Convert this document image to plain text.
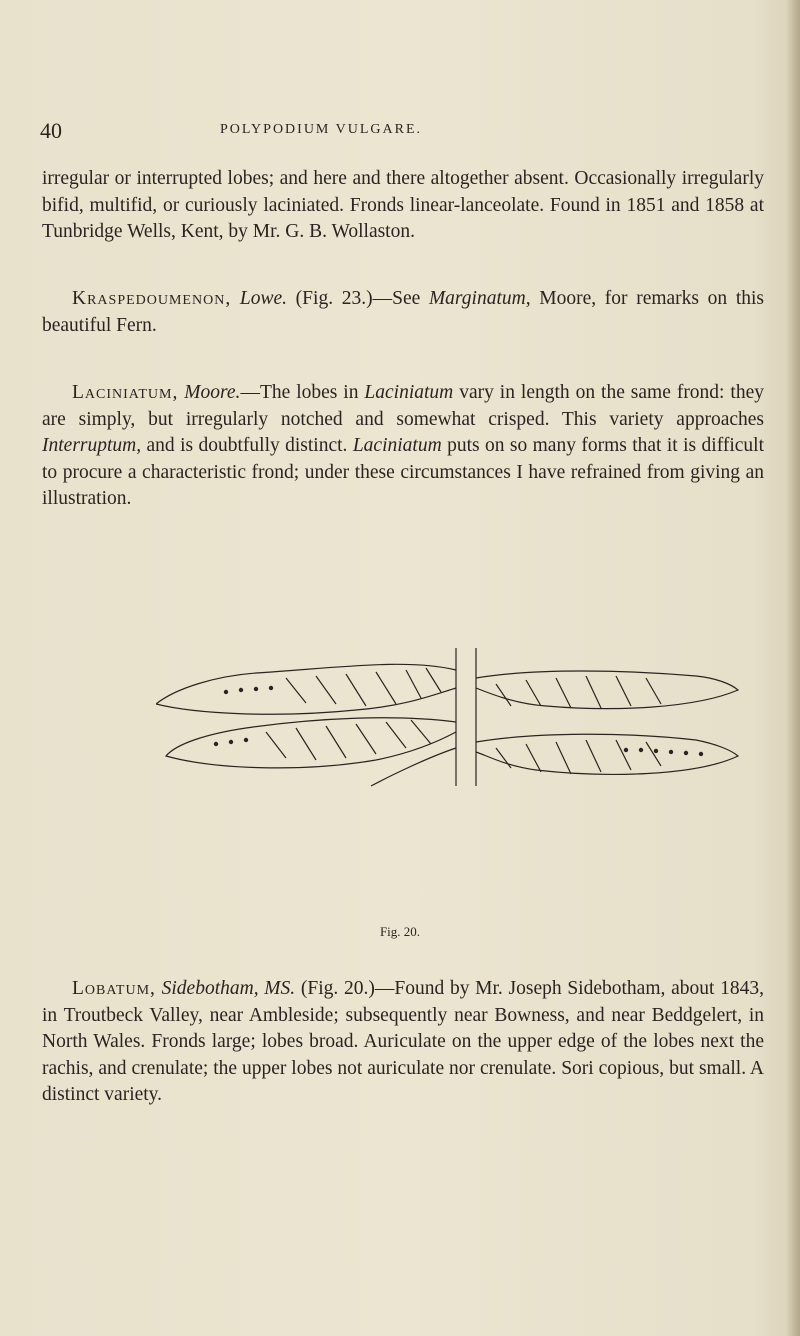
40	POLYPODIUM VULGARE.

irregular or interrupted lobes; and here and there altogether absent. Occasionally irregularly bifid, multifid, or curiously laciniated. Fronds linear-lanceolate. Found in 1851 and 1858 at Tunbridge Wells, Kent, by Mr. G. B. Wollaston.

Kraspedoumenon, Lowe. (Fig. 23.)—See Marginatum, Moore, for remarks on this beautiful Fern.

Laciniatum, Moore.—The lobes in Laciniatum vary in length on the same frond: they are simply, but irregularly notched and somewhat crisped. This variety approaches Interruptum, and is doubtfully distinct. Laciniatum puts on so many forms that it is difficult to procure a characteristic frond; under these circumstances I have refrained from giving an illustration.

Fig. 20.

Lobatum, Sidebotham, MS. (Fig. 20.)—Found by Mr. Joseph Sidebotham, about 1843, in Troutbeck Valley, near Ambleside; subsequently near Bowness, and near Beddgelert, in North Wales. Fronds large; lobes broad. Auriculate on the upper edge of the lobes next the rachis, and crenulate; the upper lobes not auriculate nor crenulate. Sori copious, but small. A distinct variety.
